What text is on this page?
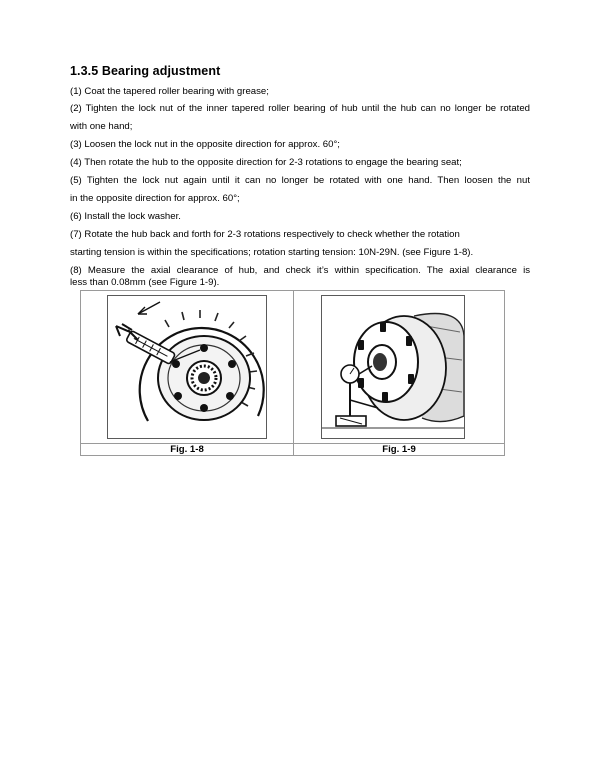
1.3.5 Bearing adjustment
(1) Coat the tapered roller bearing with grease;
(2) Tighten the lock nut of the inner tapered roller bearing of hub until the hub can no longer be rotated
with one hand;
(3) Loosen the lock nut in the opposite direction for approx. 60°;
(4) Then rotate the hub to the opposite direction for 2-3 rotations to engage the bearing seat;
(5) Tighten the lock nut again until it can no longer be rotated with one hand. Then loosen the nut
in the opposite direction for approx. 60°;
(6) Install the lock washer.
(7) Rotate the hub back and forth for 2-3 rotations respectively to check whether the rotation
starting tension is within the specifications; rotation starting tension: 10N-29N. (see Figure 1-8).
(8) Measure the axial clearance of hub, and check it’s within specification. The axial clearance is
less than 0.08mm (see Figure 1-9).
Fig. 1-8	Fig. 1-9
